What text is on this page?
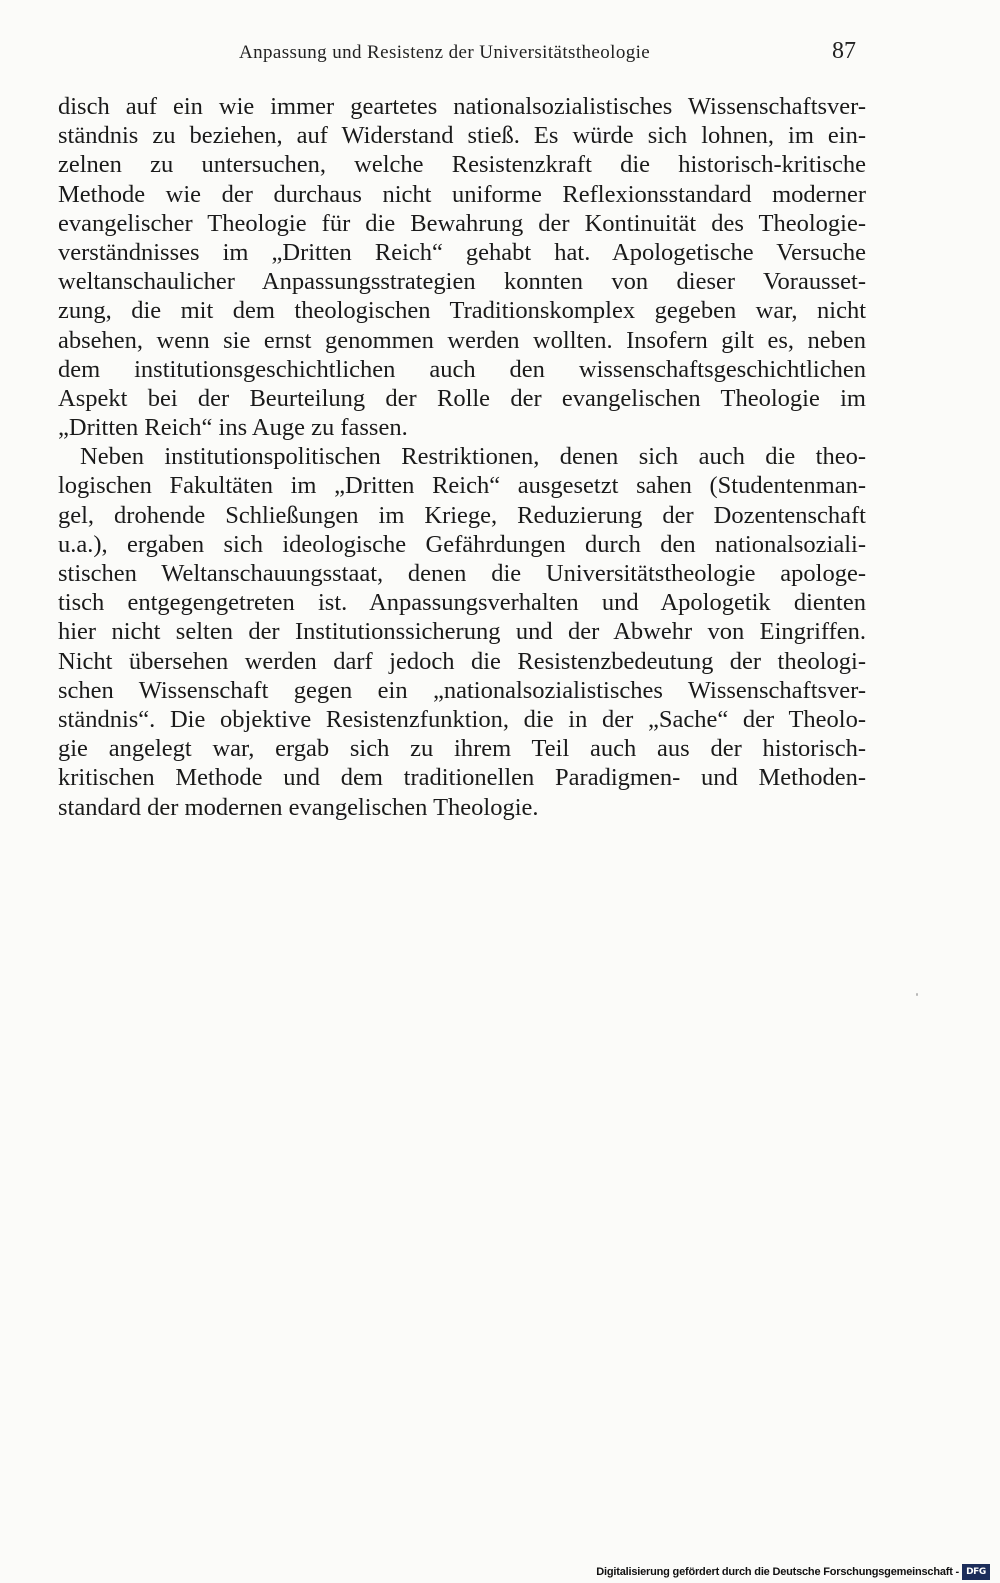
Anpassung und Resistenz der Universitätstheologie	87
disch auf ein wie immer geartetes nationalsozialistisches Wissenschaftsver-
ständnis zu beziehen, auf Widerstand stieß. Es würde sich lohnen, im ein-
zelnen zu untersuchen, welche Resistenzkraft die historisch-kritische
Methode wie der durchaus nicht uniforme Reflexionsstandard moderner
evangelischer Theologie für die Bewahrung der Kontinuität des Theologie-
verständnisses im „Dritten Reich“ gehabt hat. Apologetische Versuche
weltanschaulicher Anpassungsstrategien konnten von dieser Vorausset-
zung, die mit dem theologischen Traditionskomplex gegeben war, nicht
absehen, wenn sie ernst genommen werden wollten. Insofern gilt es, neben
dem institutionsgeschichtlichen auch den wissenschaftsgeschichtlichen
Aspekt bei der Beurteilung der Rolle der evangelischen Theologie im
„Dritten Reich“ ins Auge zu fassen.
Neben institutionspolitischen Restriktionen, denen sich auch die theo-
logischen Fakultäten im „Dritten Reich“ ausgesetzt sahen (Studentenman-
gel, drohende Schließungen im Kriege, Reduzierung der Dozentenschaft
u.a.), ergaben sich ideologische Gefährdungen durch den nationalsoziali-
stischen Weltanschauungsstaat, denen die Universitätstheologie apologe-
tisch entgegengetreten ist. Anpassungsverhalten und Apologetik dienten
hier nicht selten der Institutionssicherung und der Abwehr von Eingriffen.
Nicht übersehen werden darf jedoch die Resistenzbedeutung der theologi-
schen Wissenschaft gegen ein „nationalsozialistisches Wissenschaftsver-
ständnis“. Die objektive Resistenzfunktion, die in der „Sache“ der Theolo-
gie angelegt war, ergab sich zu ihrem Teil auch aus der historisch-
kritischen Methode und dem traditionellen Paradigmen- und Methoden-
standard der modernen evangelischen Theologie.
Digitalisierung gefördert durch die Deutsche Forschungsgemeinschaft - DFG
